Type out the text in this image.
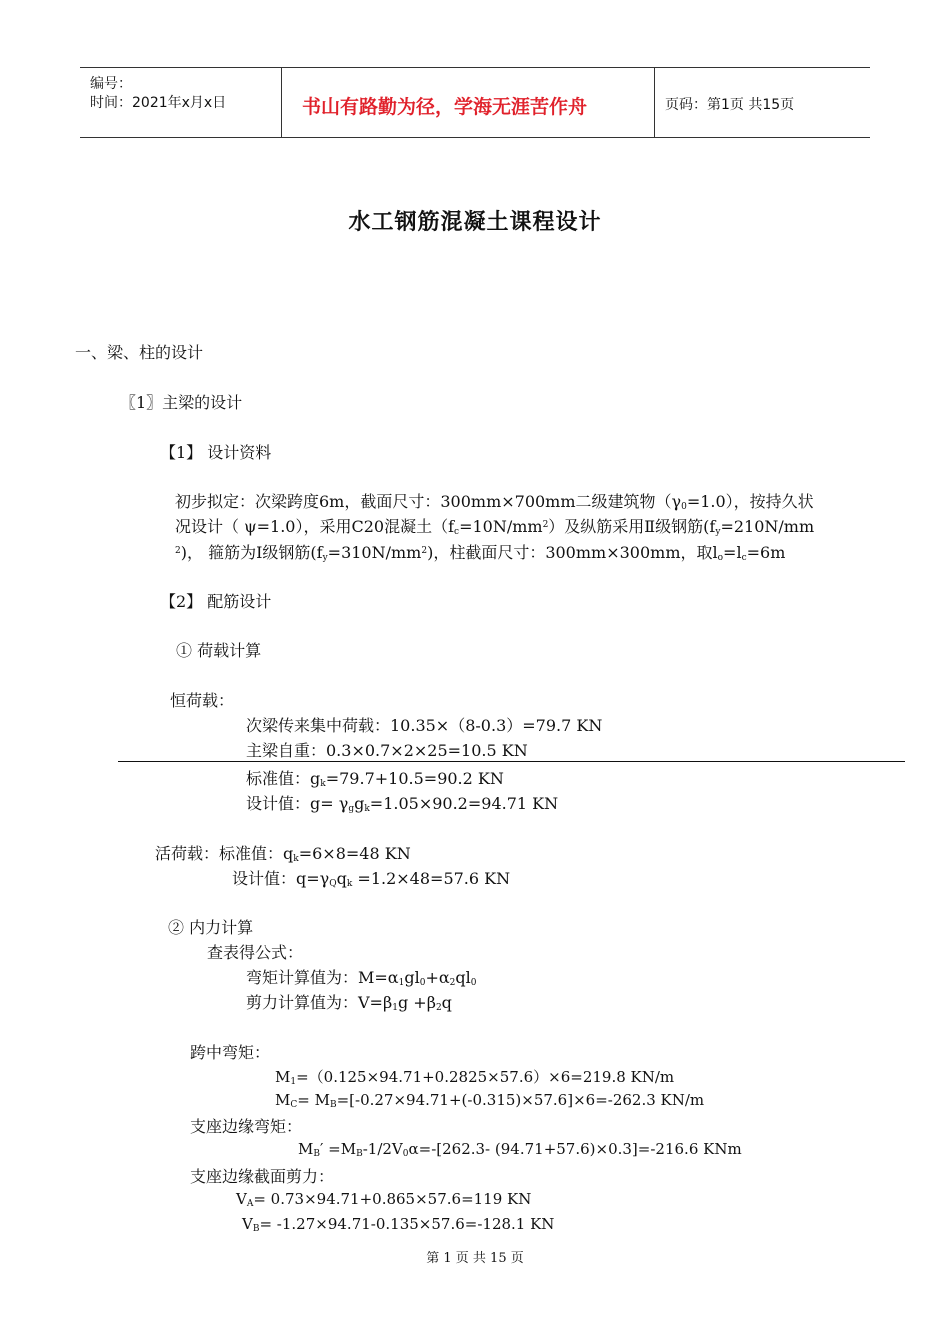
编号：
时间：2021年x月x日	书山有路勤为径，学海无涯苦作舟	页码：第1页 共15页
水工钢筋混凝土课程设计
一、梁、柱的设计
〖1〗主梁的设计
【1】 设计资料
初步拟定：次梁跨度6m，截面尺寸：300mm×700mm二级建筑物$(\gamma_0=1.0)$，按持久状
况设计（ ψ=1.0），采用C20混凝土$(f_c=10N/mm^2)$及纵筋采用Ⅱ级钢筋($f_y=210N/mm$
$^2$)， 箍筋为Ⅰ级钢筋$(f_y=310N/mm^2)$，柱截面尺寸：300mm×300mm，取$l_o=l_c=6m$
【2】 配筋设计
① 荷载计算
恒荷载：
次梁传来集中荷载：10.35×（8-0.3）=79.7 KN
主梁自重：0.3×0.7×2×25=10.5 KN
标准值：$g_k=79.7+10.5=90.2$ KN
设计值：$g= \gamma_gg_k=1.05\times 90.2=94.71$ KN
活荷载：标准值：$q_k=6\times 8=48$ KN
设计值：$q=\gamma_Qq_k =1.2\times 48=57.6$ KN
② 内力计算
查表得公式：
弯矩计算值为：$M=\alpha_1gl_0+\alpha_2ql_0$
剪力计算值为：$V=\beta_1g +\beta_2q$
跨中弯矩：
$M_1=(0.125\times 94.71+0.2825\times 57.6)\times 6=219.8$ KN/m
$M_C= M_B=[-0.27\times 94.71+(-0.315)\times 57.6]\times 6=-262.3$ KN/m
支座边缘弯矩：
$M_B' =M_B-1/2V_0\alpha=-[262.3-$ (94.71+57.6)×0.3]=-216.6 KNm
支座边缘截面剪力：
$V_A= 0.73\times 94.71+0.865\times 57.6=119$ KN
$V_B= -1.27\times 94.71-0.135\times 57.6=-128.1$ KN
第 1 页 共 15 页
